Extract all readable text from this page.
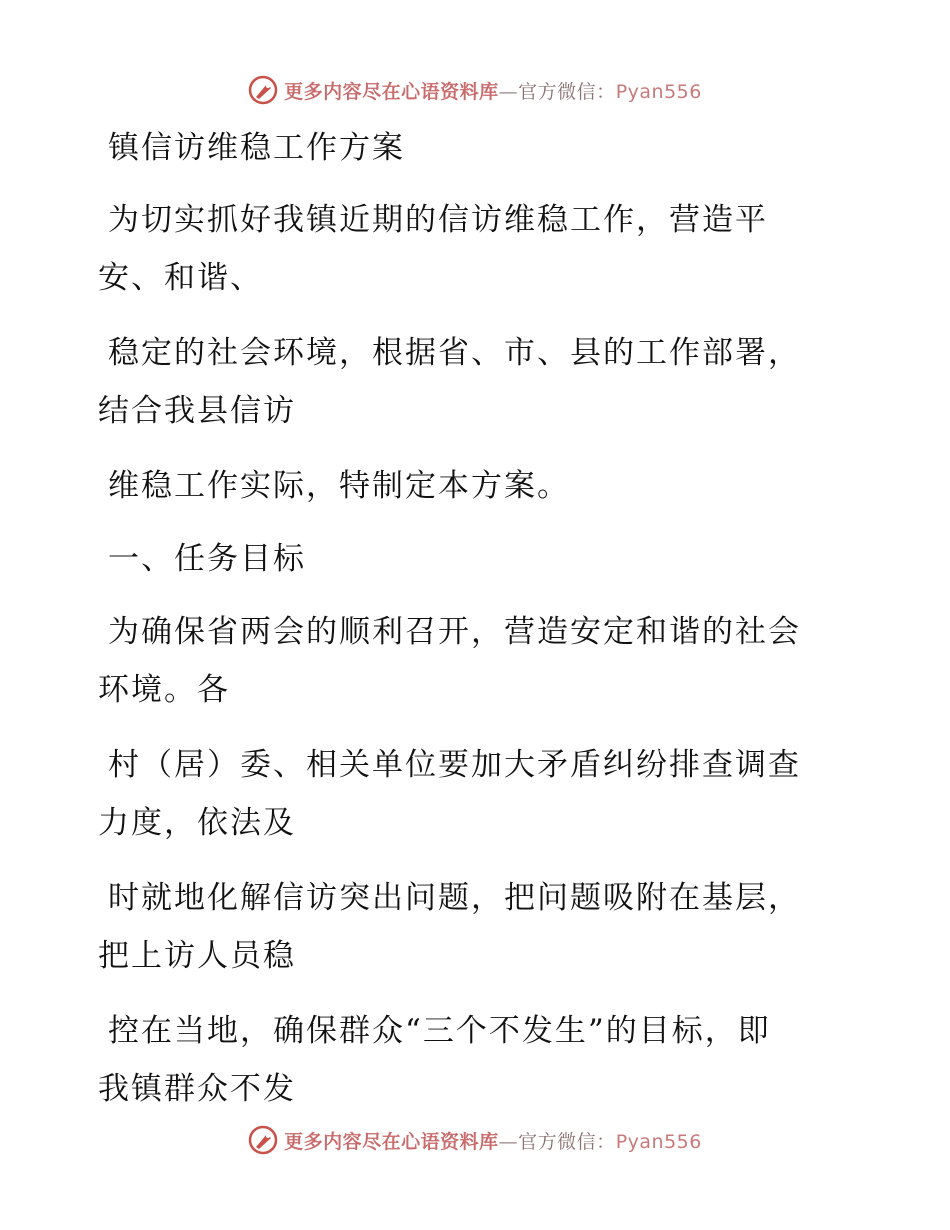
更多内容尽在心语资料库—官方微信：Pyan556
镇信访维稳工作方案
为切实抓好我镇近期的信访维稳工作，营造平
安、和谐、
稳定的社会环境，根据省、市、县的工作部署，
结合我县信访
维稳工作实际，特制定本方案。
一、任务目标
为确保省两会的顺利召开，营造安定和谐的社会
环境。各
村（居）委、相关单位要加大矛盾纠纷排查调查
力度，依法及
时就地化解信访突出问题，把问题吸附在基层，
把上访人员稳
控在当地，确保群众“三个不发生”的目标，即
我镇群众不发
更多内容尽在心语资料库—官方微信：Pyan556
